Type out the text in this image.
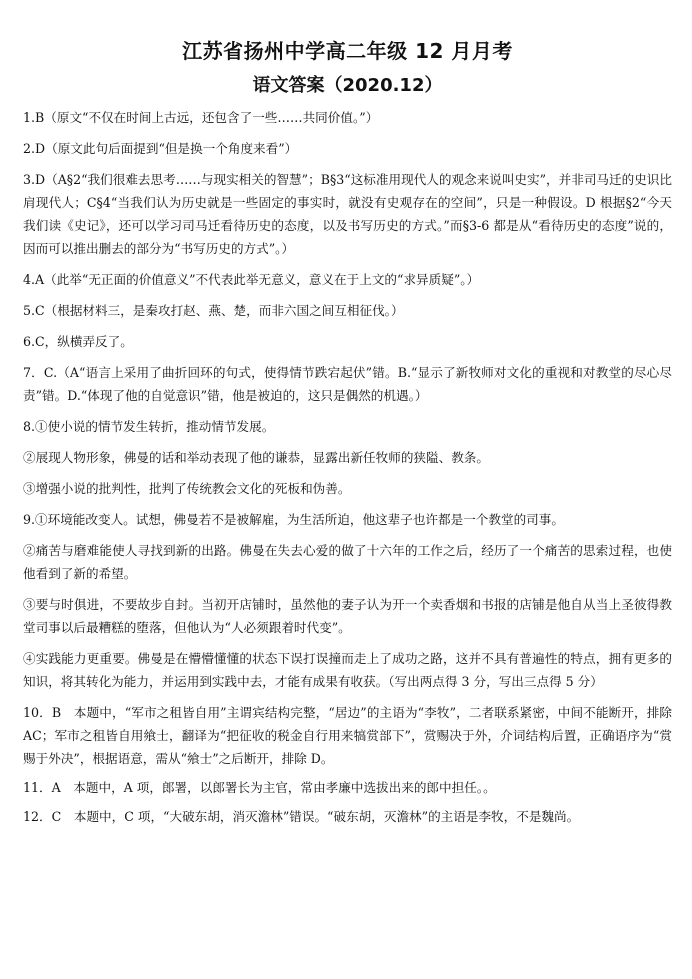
江苏省扬州中学高二年级 12 月月考
语文答案（2020.12）
1.B（原文“不仅在时间上古远，还包含了一些……共同价值。”）
2.D（原文此句后面提到“但是换一个角度来看”）
3.D（A§2“我们很难去思考……与现实相关的智慧”；B§3“这标准用现代人的观念来说叫史实”，并非司马迁的史识比肩现代人；C§4“当我们认为历史就是一些固定的事实时，就没有史观存在的空间”，只是一种假设。D 根据§2“今天我们读《史记》，还可以学习司马迁看待历史的态度，以及书写历史的方式。”而§3-6 都是从“看待历史的态度”说的，因而可以推出删去的部分为“书写历史的方式”。）
4.A（此举“无正面的价值意义”不代表此举无意义，意义在于上文的“求异质疑”。）
5.C（根据材料三，是秦攻打赵、燕、楚，而非六国之间互相征伐。）
6.C，纵横弄反了。
7．C.（A“语言上采用了曲折回环的句式，使得情节跌宕起伏”错。B.“显示了新牧师对文化的重视和对教堂的尽心尽责”错。D.“体现了他的自觉意识”错，他是被迫的，这只是偶然的机遇。）
8.①使小说的情节发生转折，推动情节发展。
②展现人物形象，佛曼的话和举动表现了他的谦恭，显露出新任牧师的狭隘、教条。
③增强小说的批判性，批判了传统教会文化的死板和伪善。
9.①环境能改变人。试想，佛曼若不是被解雇，为生活所迫，他这辈子也许都是一个教堂的司事。
②痛苦与磨难能使人寻找到新的出路。佛曼在失去心爱的做了十六年的工作之后，经历了一个痛苦的思索过程，也使他看到了新的希望。
③要与时俱进，不要故步自封。当初开店铺时，虽然他的妻子认为开一个卖香烟和书报的店铺是他自从当上圣彼得教堂司事以后最糟糕的堕落，但他认为“人必须跟着时代变”。
④实践能力更重要。佛曼是在懵懵懂懂的状态下误打误撞而走上了成功之路，这并不具有普遍性的特点，拥有更多的知识，将其转化为能力，并运用到实践中去，才能有成果有收获。（写出两点得 3 分，写出三点得 5 分）
10．B　本题中，“军市之租皆自用”主谓宾结构完整，“居边”的主语为“李牧”，二者联系紧密，中间不能断开，排除 AC；军市之租皆自用飨士，翻译为“把征收的税金自行用来犒赏部下”，赏赐决于外，介词结构后置，正确语序为“赏赐于外决”，根据语意，需从“飨士”之后断开，排除 D。
11．A　本题中，A 项，郎署，以郎署长为主官，常由孝廉中选拔出来的郎中担任。。
12．C　本题中，C 项，“大破东胡，消灭澹林”错误。“破东胡，灭澹林”的主语是李牧，不是魏尚。
